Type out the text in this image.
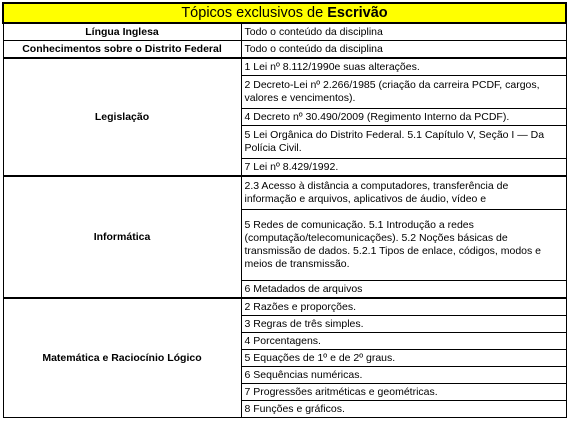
Tópicos exclusivos de Escrivão	
Língua Inglesa	Todo o conteúdo da disciplina
Conhecimentos sobre o Distrito Federal	Todo o conteúdo da disciplina
Legislação	1 Lei nº 8.112/1990e suas alterações.
	2 Decreto-Lei nº 2.266/1985 (criação da carreira PCDF, cargos, valores e vencimentos).
	4 Decreto nº 30.490/2009 (Regimento Interno da PCDF).
	5 Lei Orgânica do Distrito Federal. 5.1 Capítulo V, Seção I — Da Polícia Civil.
	7 Lei nº 8.429/1992.
Informática	2.3 Acesso à distância a computadores, transferência de informação e arquivos, aplicativos de áudio, vídeo e
	5 Redes de comunicação. 5.1 Introdução a redes (computação/telecomunicações). 5.2 Noções básicas de transmissão de dados. 5.2.1 Tipos de enlace, códigos, modos e meios de transmissão.
	6 Metadados de arquivos
Matemática e Raciocínio Lógico	2 Razões e proporções.
	3 Regras de três simples.
	4 Porcentagens.
	5 Equações de 1º e de 2º graus.
	6 Sequências numéricas.
	7 Progressões aritméticas e geométricas.
	8 Funções e gráficos.
